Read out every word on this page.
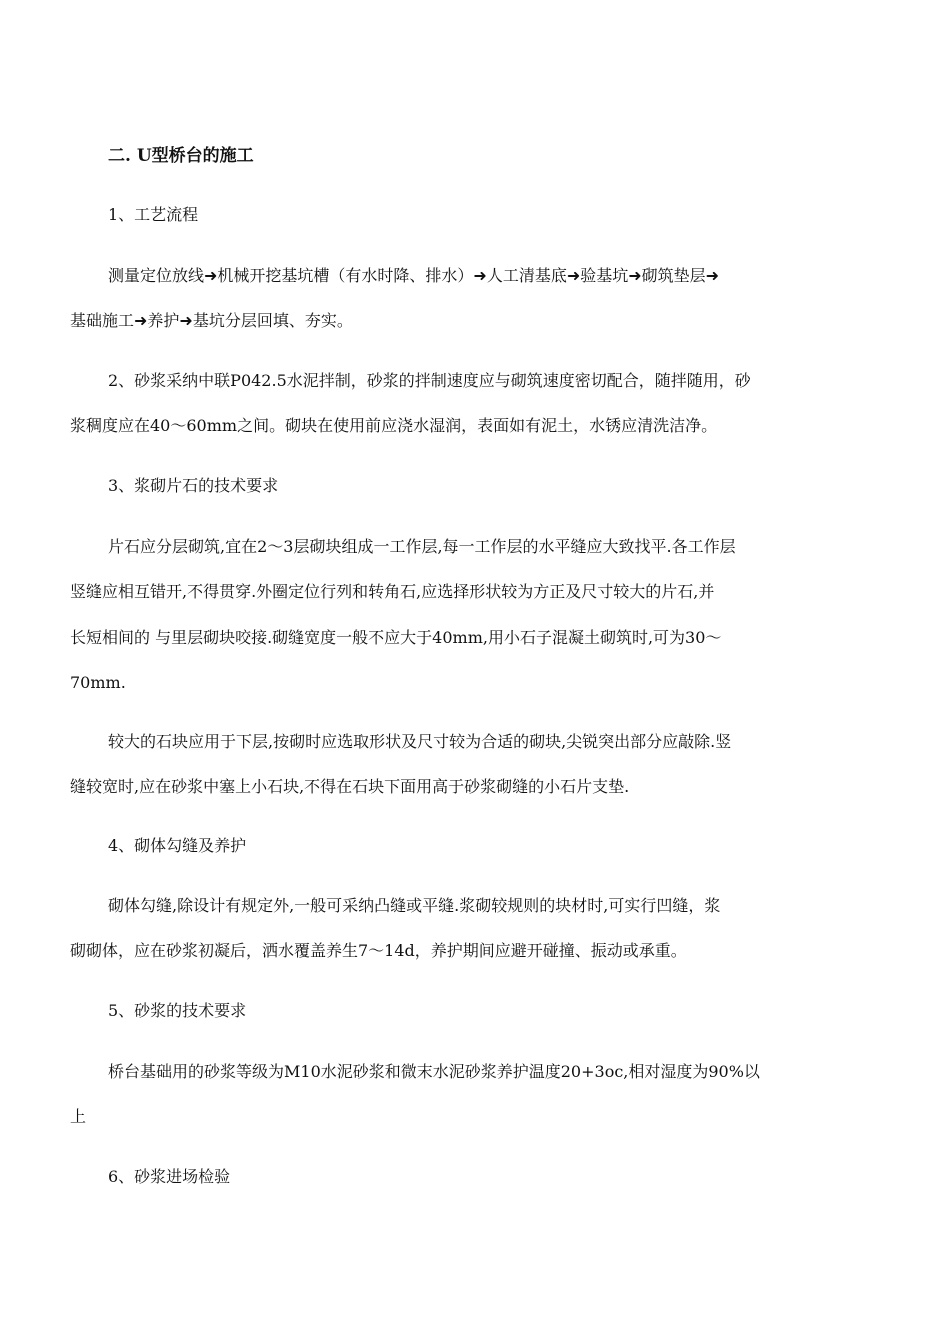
二. U型桥台的施工
1、工艺流程
测量定位放线➜机械开挖基坑槽（有水时降、排水）➜人工清基底➜验基坑➜砌筑垫层➜
基础施工➜养护➜基坑分层回填、夯实。
2、砂浆采纳中联P042.5水泥拌制，砂浆的拌制速度应与砌筑速度密切配合，随拌随用，砂
浆稠度应在40～60mm之间。砌块在使用前应浇水湿润，表面如有泥土，水锈应清洗洁净。
3、浆砌片石的技术要求
片石应分层砌筑,宜在2～3层砌块组成一工作层,每一工作层的水平缝应大致找平.各工作层
竖缝应相互错开,不得贯穿.外圈定位行列和转角石,应选择形状较为方正及尺寸较大的片石,并
长短相间的 与里层砌块咬接.砌缝宽度一般不应大于40mm,用小石子混凝土砌筑时,可为30～
70mm.
较大的石块应用于下层,按砌时应选取形状及尺寸较为合适的砌块,尖锐突出部分应敲除.竖
缝较宽时,应在砂浆中塞上小石块,不得在石块下面用高于砂浆砌缝的小石片支垫.
4、砌体勾缝及养护
砌体勾缝,除设计有规定外,一般可采纳凸缝或平缝.浆砌较规则的块材时,可实行凹缝，浆
砌砌体，应在砂浆初凝后，洒水覆盖养生7～14d，养护期间应避开碰撞、振动或承重。
5、砂浆的技术要求
桥台基础用的砂浆等级为M10水泥砂浆和微末水泥砂浆养护温度20+3oc,相对湿度为90%以
上
6、砂浆进场检验
